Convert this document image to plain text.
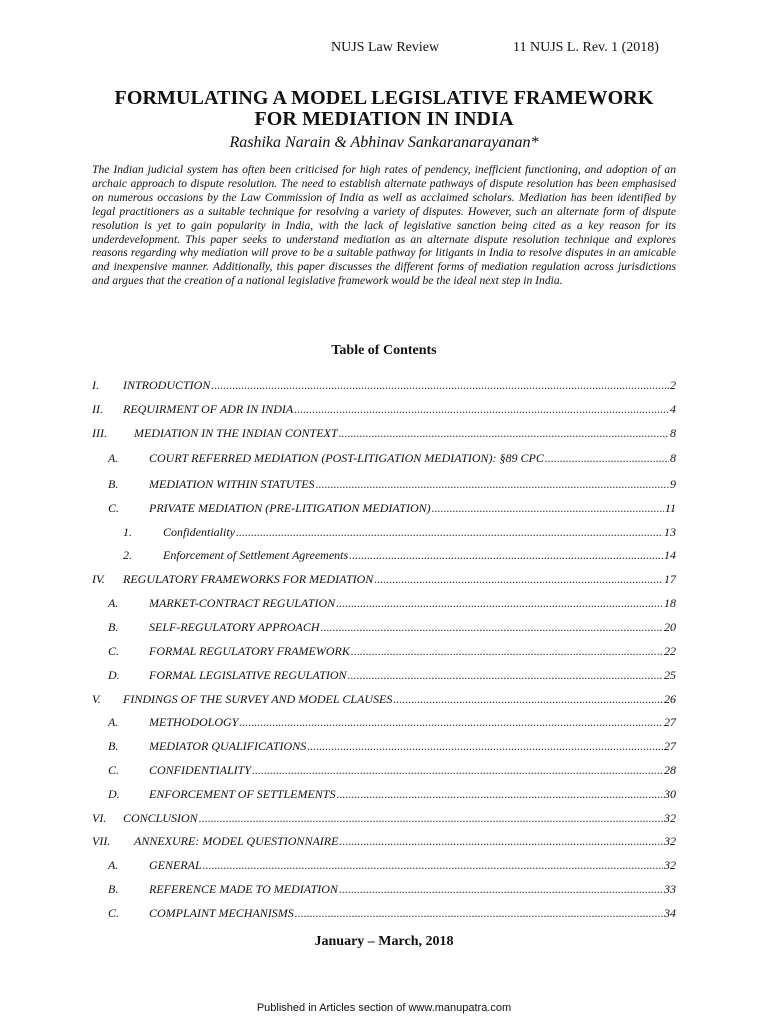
NUJS Law Review	11 NUJS L. Rev. 1 (2018)
FORMULATING A MODEL LEGISLATIVE FRAMEWORK
FOR MEDIATION IN INDIA
Rashika Narain & Abhinav Sankaranarayanan*
The Indian judicial system has often been criticised for high rates of pendency, inefficient functioning, and adoption of an archaic approach to dispute resolution. The need to establish alternate pathways of dispute resolution has been emphasised on numerous occasions by the Law Commission of India as well as acclaimed scholars. Mediation has been identified by legal practitioners as a suitable technique for resolving a variety of disputes. However, such an alternate form of dispute resolution is yet to gain popularity in India, with the lack of legislative sanction being cited as a key reason for its underdevelopment. This paper seeks to understand mediation as an alternate dispute resolution technique and explores reasons regarding why mediation will prove to be a suitable pathway for litigants in India to resolve disputes in an amicable and inexpensive manner. Additionally, this paper discusses the different forms of mediation regulation across jurisdictions and argues that the creation of a national legislative framework would be the ideal next step in India.
Table of Contents
I.	INTRODUCTION .....	2
II.	REQUIRMENT OF ADR IN INDIA .....	4
III.	MEDIATION IN THE INDIAN CONTEXT .....	8
A.	COURT REFERRED MEDIATION (POST-LITIGATION MEDIATION): §89 CPC .....	8
B.	MEDIATION WITHIN STATUTES .....	9
C.	PRIVATE MEDIATION (PRE-LITIGATION MEDIATION) .....	11
1.	Confidentiality .....	13
2.	Enforcement of Settlement Agreements .....	14
IV.	REGULATORY FRAMEWORKS FOR MEDIATION .....	17
A.	MARKET-CONTRACT REGULATION .....	18
B.	SELF-REGULATORY APPROACH .....	20
C.	FORMAL REGULATORY FRAMEWORK .....	22
D.	FORMAL LEGISLATIVE REGULATION .....	25
V.	FINDINGS OF THE SURVEY AND MODEL CLAUSES .....	26
A.	METHODOLOGY .....	27
B.	MEDIATOR QUALIFICATIONS .....	27
C.	CONFIDENTIALITY .....	28
D.	ENFORCEMENT OF SETTLEMENTS .....	30
VI.	CONCLUSION .....	32
VII.	ANNEXURE: MODEL QUESTIONNAIRE .....	32
A.	GENERAL .....	32
B.	REFERENCE MADE TO MEDIATION .....	33
C.	COMPLAINT MECHANISMS .....	34
January – March, 2018
Published in Articles section of www.manupatra.com
